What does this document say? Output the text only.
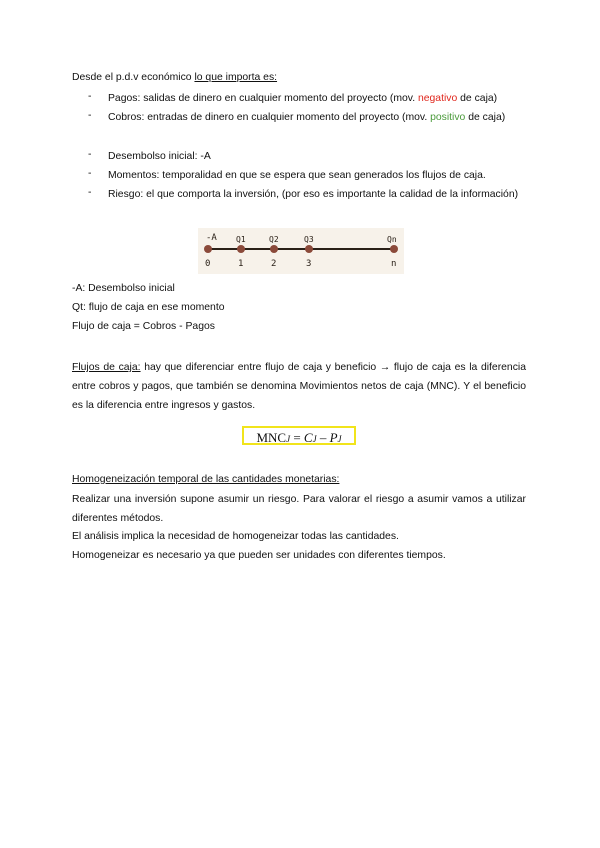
Desde el p.d.v económico lo que importa es:
- Pagos: salidas de dinero en cualquier momento del proyecto (mov. negativo de caja)
- Cobros: entradas de dinero en cualquier momento del proyecto (mov. positivo de caja)
- Desembolso inicial: -A
- Momentos: temporalidad en que se espera que sean generados los flujos de caja.
- Riesgo: el que comporta la inversión, (por eso es importante la calidad de la información)
-A Q1	Q2	Q3	Qn
···
0	1	2	3	n
-A: Desembolso inicial
Qt: flujo de caja en ese momento
Flujo de caja = Cobros - Pagos
Flujos de caja: hay que diferenciar entre flujo de caja y beneficio → flujo de caja es la diferencia entre cobros y pagos, que también se denomina Movimientos netos de caja (MNC). Y el beneficio es la diferencia entre ingresos y gastos.
MNCJ = CJ – PJ
Homogeneización temporal de las cantidades monetarias:
Realizar una inversión supone asumir un riesgo. Para valorar el riesgo a asumir vamos a utilizar diferentes métodos.
El análisis implica la necesidad de homogeneizar todas las cantidades.
Homogeneizar es necesario ya que pueden ser unidades con diferentes tiempos.
